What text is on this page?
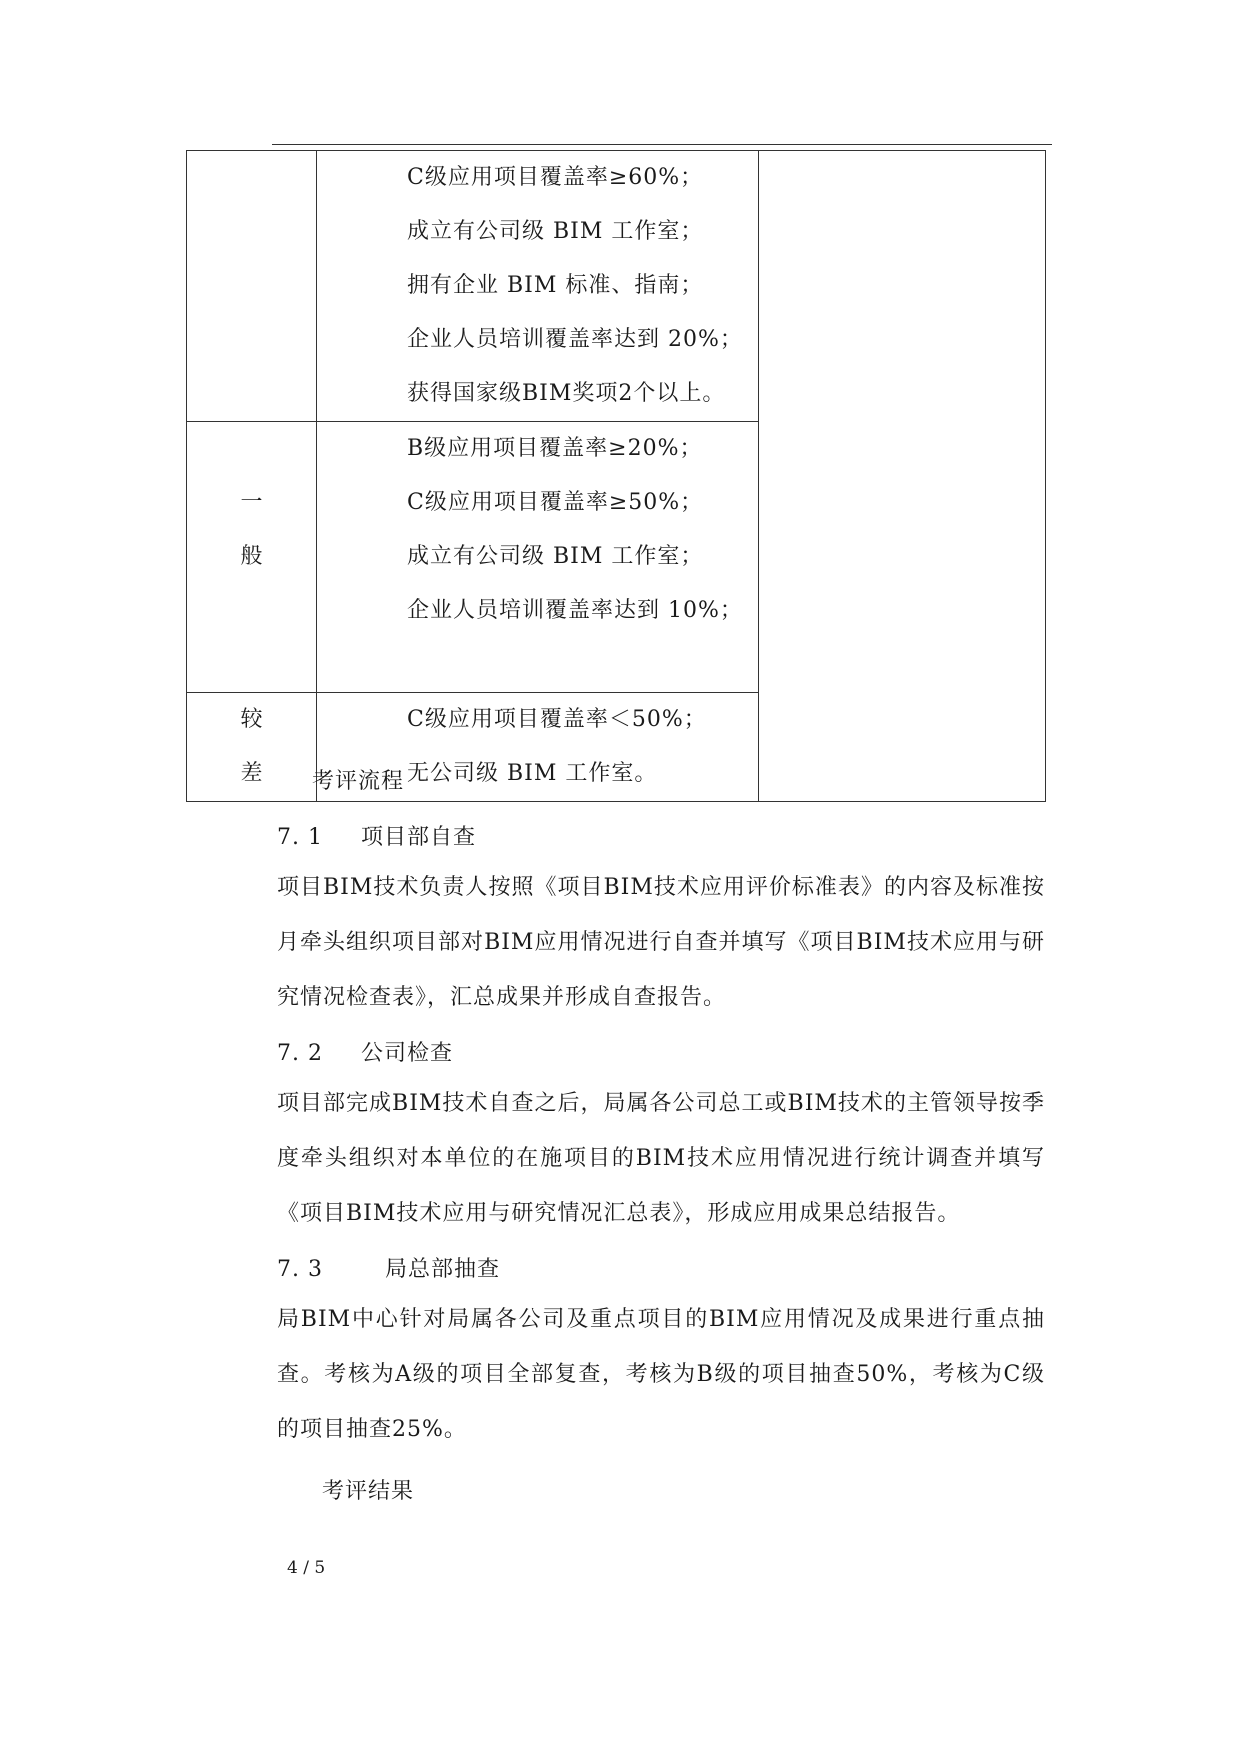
	C级应用项目覆盖率≥60%；
成立有公司级 BIM 工作室；
拥有企业 BIM 标准、指南；
企业人员培训覆盖率达到 20%；
获得国家级BIM奖项2个以上。	

一
般	B级应用项目覆盖率≥20%；
C级应用项目覆盖率≥50%；
成立有公司级 BIM 工作室；
企业人员培训覆盖率达到 10%；	

较
差	C级应用项目覆盖率＜50%；
无公司级 BIM 工作室。	
考评流程
7. 1 项目部自查
项目BIM技术负责人按照《项目BIM技术应用评价标准表》的内容及标准按月牵头组织项目部对BIM应用情况进行自查并填写《项目BIM技术应用与研究情况检查表》，汇总成果并形成自查报告。
7. 2 公司检查
项目部完成BIM技术自查之后，局属各公司总工或BIM技术的主管领导按季度牵头组织对本单位的在施项目的BIM技术应用情况进行统计调查并填写《项目BIM技术应用与研究情况汇总表》，形成应用成果总结报告。
7. 3	局总部抽查
局BIM中心针对局属各公司及重点项目的BIM应用情况及成果进行重点抽查。考核为A级的项目全部复查，考核为B级的项目抽查50%，考核为C级的项目抽查25%。
考评结果
4 / 5
